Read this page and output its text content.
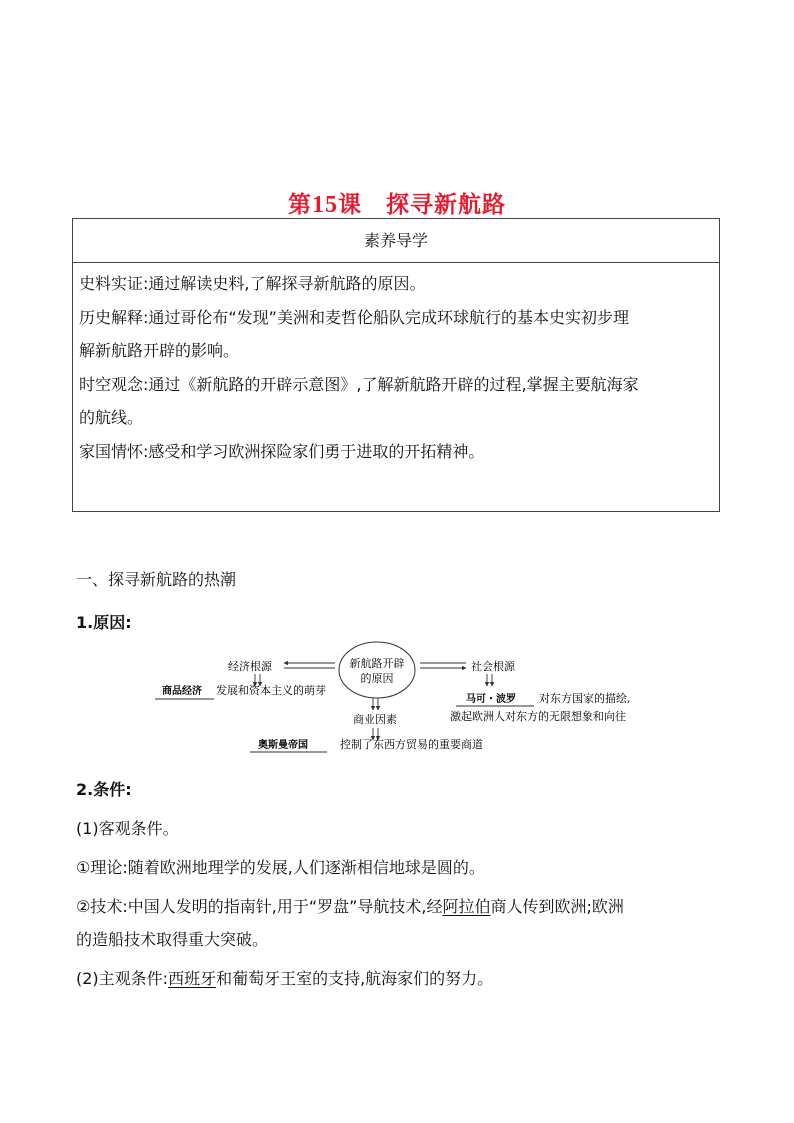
第15课　探寻新航路
素养导学

史料实证:通过解读史料,了解探寻新航路的原因。

历史解释:通过哥伦布“发现”美洲和麦哲伦船队完成环球航行的基本史实初步理

解新航路开辟的影响。

时空观念:通过《新航路的开辟示意图》,了解新航路开辟的过程,掌握主要航海家

的航线。

家国情怀:感受和学习欧洲探险家们勇于进取的开拓精神。

一、探寻新航路的热潮
1.原因:
新航路开辟
的原因
经济根源
商品经济 发展和资本主义的萌芽
社会根源
马可・波罗 对东方国家的描绘,
激起欧洲人对东方的无限想象和向往
商业因素
奥斯曼帝国	控制了东西方贸易的重要商道
2.条件:

(1)客观条件。

①理论:随着欧洲地理学的发展,人们逐渐相信地球是圆的。

②技术:中国人发明的指南针,用于“罗盘”导航技术,经阿拉伯商人传到欧洲;欧洲

的造船技术取得重大突破。

(2)主观条件:西班牙和葡萄牙王室的支持,航海家们的努力。
